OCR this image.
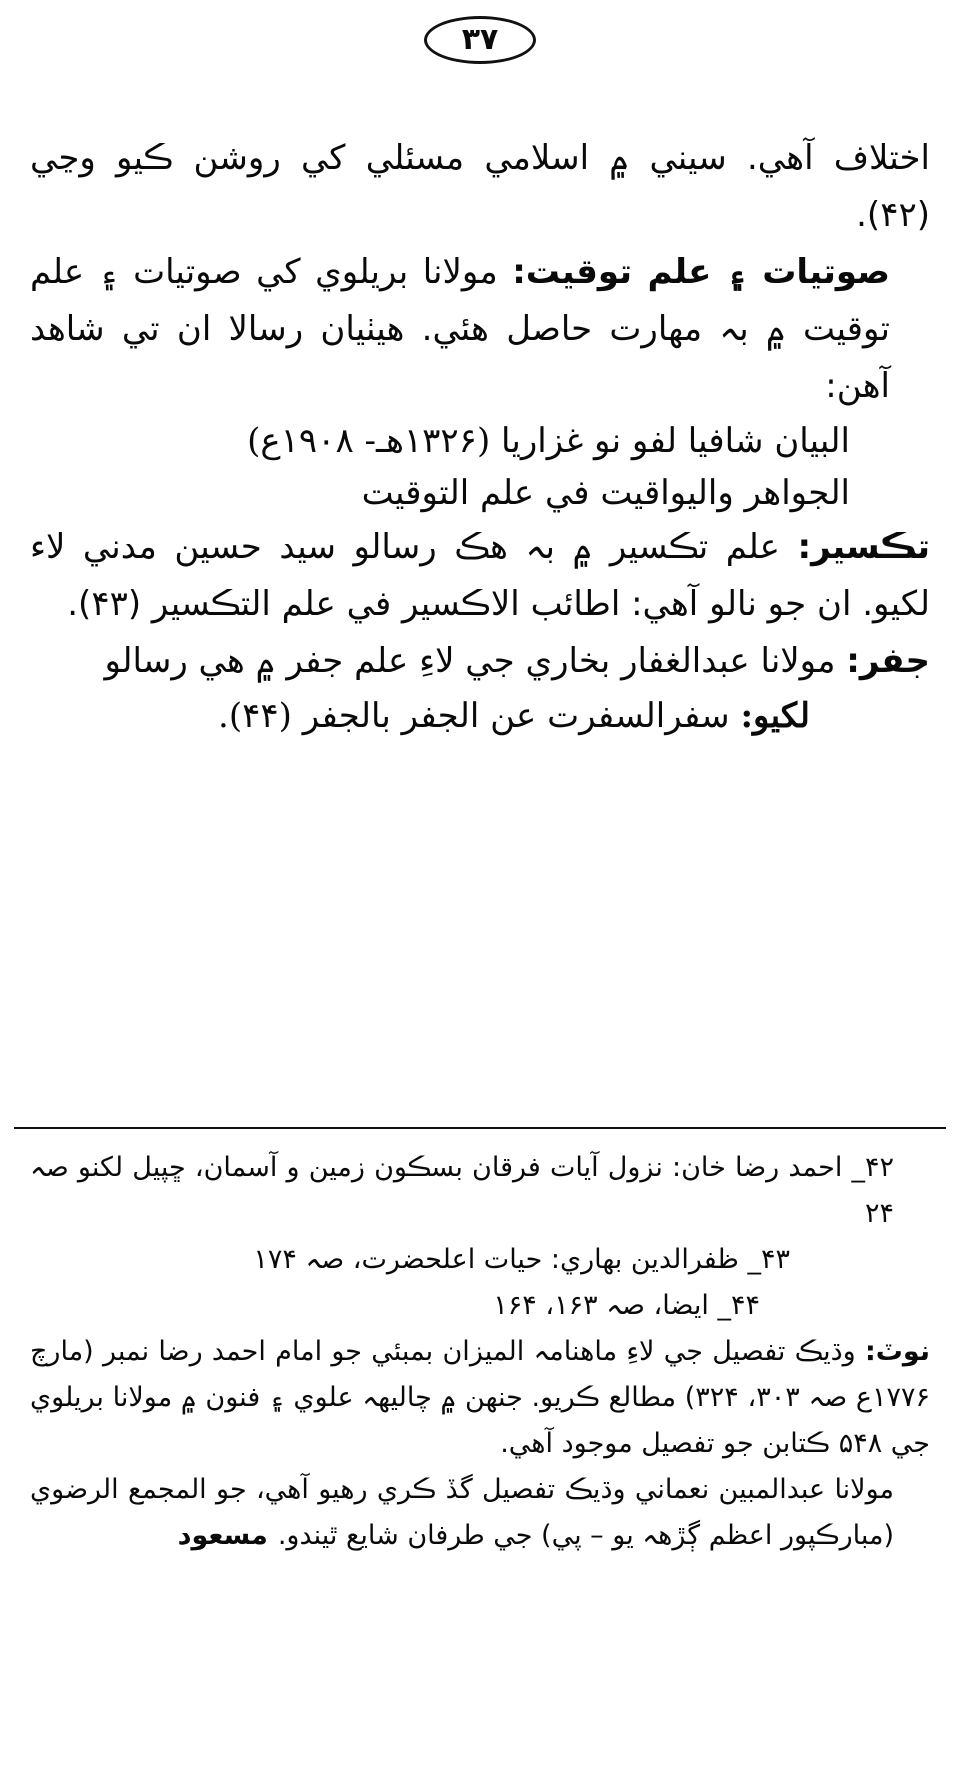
۳۷

اختلاف آهي. سيني ۾ اسلامي مسئلي کي روشن ڪيو وڃي (۴۲).

صوتيات ۽ علم توقيت: مولانا بريلوي کي صوتيات ۽ علم توقيت ۾ بہ مهارت حاصل هئي. هيٺيان رسالا ان تي شاهد آهن:

البيان شافيا لفو نو غزاريا (۱۳۲۶هـ- ۱۹۰۸ع)

الجواهر واليواقيت في علم التوقيت

تڪسير: علم تڪسير ۾ بہ هڪ رسالو سيد حسين مدني لاء لکيو. ان جو نالو آهي: اطائب الاڪسير في علم التڪسير (۴۳).

جفر: مولانا عبدالغفار بخاري جي لاءِ علم جفر ۾ هي رسالو

لکيو: سفرالسفرت عن الجفر بالجفر (۴۴).

۴۲_ احمد رضا خان: نزول آيات فرقان بسڪون زمين و آسمان، ڇپيل لکنو صہ ۲۴

۴۳_ ظفرالدين بهاري: حيات اعلحضرت، صہ ۱۷۴

۴۴_ ايضا، صہ ۱۶۳، ۱۶۴

نوٽ: وڌيڪ تفصيل جي لاءِ ماهنامہ الميزان بمبئي جو امام احمد رضا نمبر (مارچ ۱۷۷۶ع صہ ۳۰۳، ۳۲۴) مطالع ڪريو. جنهن ۾ چاليهہ علوي ۽ فنون ۾ مولانا بريلوي جي ۵۴۸ ڪتابن جو تفصيل موجود آهي.

مولانا عبدالمبين نعماني وڌيڪ تفصيل گڏ ڪري رهيو آهي، جو المجمع الرضوي (مبارڪپور اعظم ڳڙهہ يو – پي) جي طرفان شايع ٿيندو.مسعود
